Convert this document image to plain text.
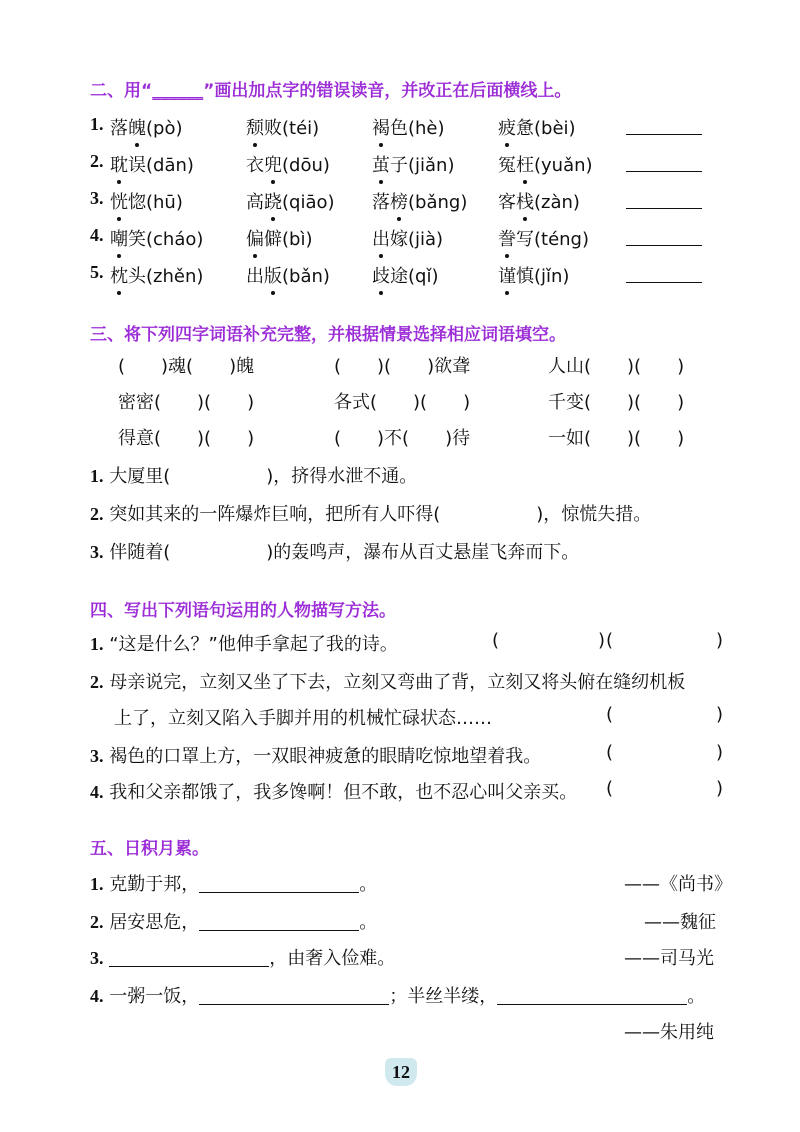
二、用“______”画出加点字的错误读音，并改正在后面横线上。
1. 落魄(pò)	颓败(téi)	褐色(hè)	疲惫(bèi)
2. 耽误(dān)	衣兜(dōu) 茧子(jiǎn) 冤枉(yuǎn)
3. 恍惚(hū)	高跷(qiāo) 落榜(bǎng) 客栈(zàn)
4. 嘲笑(cháo) 偏僻(bì)	出嫁(jià)	誊写(téng)
5. 枕头(zhěn) 出版(bǎn) 歧途(qǐ)	谨慎(jǐn)
三、将下列四字词语补充完整，并根据情景选择相应词语填空。
(　　)魂(　　)魄	(　　)(　　)欲聋	人山(　　)(　　)
密密(　　)(　　)	各式(　　)(　　)	千变(　　)(　　)
得意(　　)(　　)	(　　)不(　　)待	一如(　　)(　　)
1. 大厦里(	)，挤得水泄不通。
2. 突如其来的一阵爆炸巨响，把所有人吓得(	)，惊慌失措。
3. 伴随着(	)的轰鸣声，瀑布从百丈悬崖飞奔而下。
四、写出下列语句运用的人物描写方法。
1. “这是什么？”他伸手拿起了我的诗。	(	) (	)
2. 母亲说完，立刻又坐了下去，立刻又弯曲了背，立刻又将头俯在缝纫机板
上了，立刻又陷入手脚并用的机械忙碌状态……	(	)
3. 褐色的口罩上方，一双眼神疲惫的眼睛吃惊地望着我。	(	)
4. 我和父亲都饿了，我多馋啊！但不敢，也不忍心叫父亲买。 (	)
五、日积月累。
1. 克勤于邦，	。	——《尚书》
2. 居安思危，	。	——魏征
3.	，由奢入俭难。	——司马光
4. 一粥一饭，	；半丝半缕，	。
——朱用纯
12
